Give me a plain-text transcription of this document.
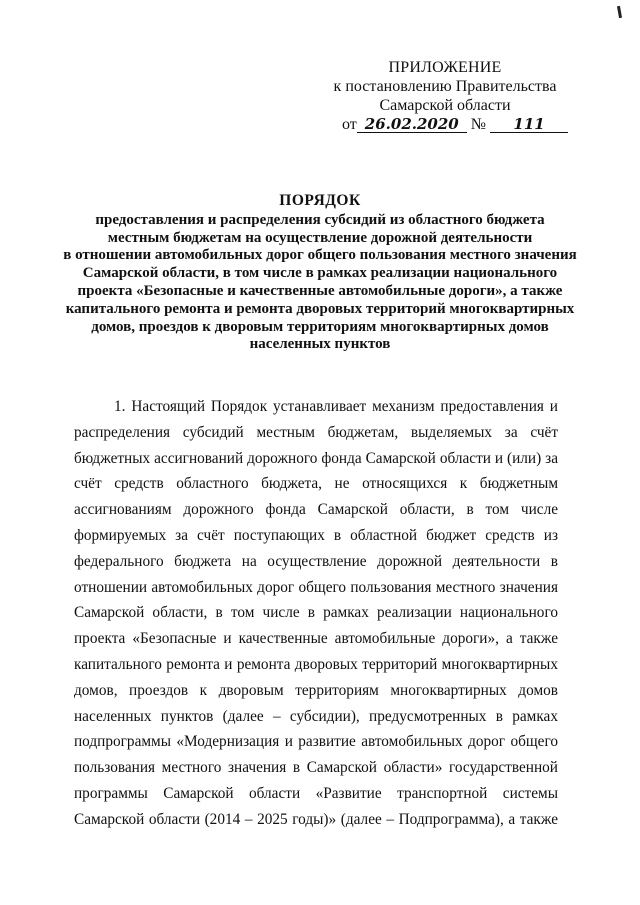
ПРИЛОЖЕНИЕ
к постановлению Правительства
Самарской области
от 26.02.2020 № 111
ПОРЯДОК
предоставления и распределения субсидий из областного бюджета
местным бюджетам на осуществление дорожной деятельности
в отношении автомобильных дорог общего пользования местного значения
Самарской области, в том числе в рамках реализации национального
проекта «Безопасные и качественные автомобильные дороги», а также
капитального ремонта и ремонта дворовых территорий многоквартирных
домов, проездов к дворовым территориям многоквартирных домов
населенных пунктов

1. Настоящий Порядок устанавливает механизм предоставления и распределения субсидий местным бюджетам, выделяемых за счёт бюджетных ассигнований дорожного фонда Самарской области и (или) за счёт средств областного бюджета, не относящихся к бюджетным ассигнованиям дорожного фонда Самарской области, в том числе формируемых за счёт поступающих в областной бюджет средств из федерального бюджета на осуществление дорожной деятельности в отношении автомобильных дорог общего пользования местного значения Самарской области, в том числе в рамках реализации национального проекта «Безопасные и качественные автомобильные дороги», а также капитального ремонта и ремонта дворовых территорий многоквартирных домов, проездов к дворовым территориям многоквартирных домов населенных пунктов (далее – субсидии), предусмотренных в рамках подпрограммы «Модернизация и развитие автомобильных дорог общего пользования местного значения в Самарской области» государственной программы Самарской области «Развитие транспортной системы Самарской области (2014 – 2025 годы)» (далее – Подпрограмма), а также
